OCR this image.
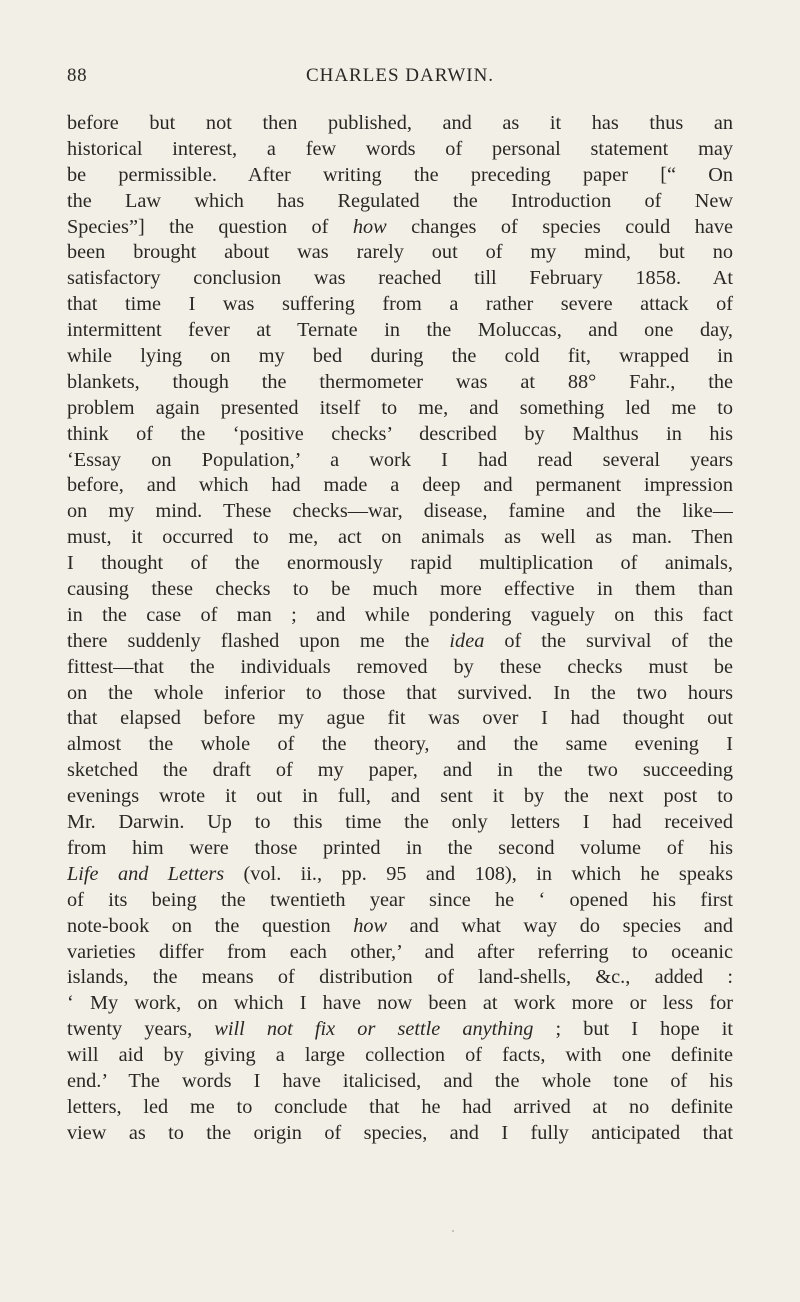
88	CHARLES DARWIN.
before but not then published, and as it has thus an
historical interest, a few words of personal statement may
be permissible. After writing the preceding paper [“ On
the Law which has Regulated the Introduction of New
Species”] the question of how changes of species could have
been brought about was rarely out of my mind, but no
satisfactory conclusion was reached till February 1858. At
that time I was suffering from a rather severe attack of
intermittent fever at Ternate in the Moluccas, and one day,
while lying on my bed during the cold fit, wrapped in
blankets, though the thermometer was at 88° Fahr., the
problem again presented itself to me, and something led me to
think of the ‘positive checks’ described by Malthus in his
‘Essay on Population,’ a work I had read several years
before, and which had made a deep and permanent impression
on my mind. These checks—war, disease, famine and the like—
must, it occurred to me, act on animals as well as man. Then
I thought of the enormously rapid multiplication of animals,
causing these checks to be much more effective in them than
in the case of man ; and while pondering vaguely on this fact
there suddenly flashed upon me the idea of the survival of the
fittest—that the individuals removed by these checks must be
on the whole inferior to those that survived. In the two hours
that elapsed before my ague fit was over I had thought out
almost the whole of the theory, and the same evening I
sketched the draft of my paper, and in the two succeeding
evenings wrote it out in full, and sent it by the next post to
Mr. Darwin. Up to this time the only letters I had received
from him were those printed in the second volume of his
Life and Letters (vol. ii., pp. 95 and 108), in which he speaks
of its being the twentieth year since he ‘ opened his first
note-book on the question how and what way do species and
varieties differ from each other,’ and after referring to oceanic
islands, the means of distribution of land-shells, &c., added :
‘ My work, on which I have now been at work more or less for
twenty years, will not fix or settle anything ; but I hope it
will aid by giving a large collection of facts, with one definite
end.’ The words I have italicised, and the whole tone of his
letters, led me to conclude that he had arrived at no definite
view as to the origin of species, and I fully anticipated that
